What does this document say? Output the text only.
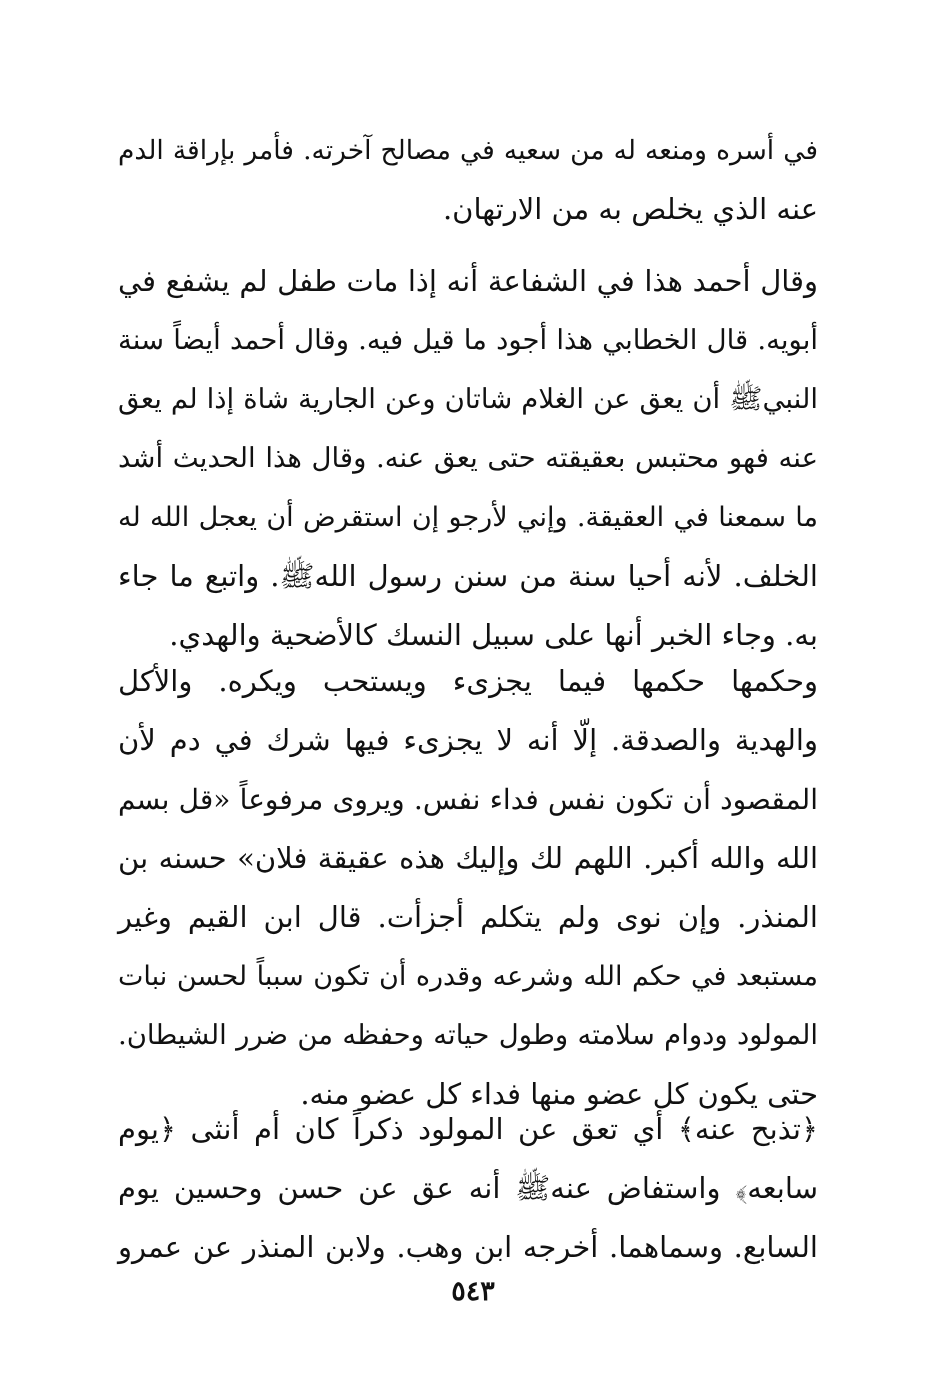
في أسره ومنعه له من سعيه في مصالح آخرته. فأمر بإراقة الدم
عنه الذي يخلص به من الارتهان.
وقال أحمد هذا في الشفاعة أنه إذا مات طفل لم يشفع في
أبويه. قال الخطابي هذا أجود ما قيل فيه. وقال أحمد أيضاً سنة
النبيﷺ أن يعق عن الغلام شاتان وعن الجارية شاة إذا لم يعق
عنه فهو محتبس بعقيقته حتى يعق عنه. وقال هذا الحديث أشد
ما سمعنا في العقيقة. وإني لأرجو إن استقرض أن يعجل الله له
الخلف. لأنه أحيا سنة من سنن رسول اللهﷺ. واتبع ما جاء
به. وجاء الخبر أنها على سبيل النسك كالأضحية والهدي.
وحكمها حكمها فيما يجزىء ويستحب ويكره. والأكل
والهدية والصدقة. إلّا أنه لا يجزىء فيها شرك في دم لأن
المقصود أن تكون نفس فداء نفس. ويروى مرفوعاً «قل بسم
الله والله أكبر. اللهم لك وإليك هذه عقيقة فلان» حسنه بن
المنذر. وإن نوى ولم يتكلم أجزأت. قال ابن القيم وغير
مستبعد في حكم الله وشرعه وقدره أن تكون سبباً لحسن نبات
المولود ودوام سلامته وطول حياته وحفظه من ضرر الشيطان.
حتى يكون كل عضو منها فداء كل عضو منه.
﴿تذبح عنه﴾ أي تعق عن المولود ذكراً كان أم أنثى ﴿يوم
سابعه﴾ واستفاض عنهﷺ أنه عق عن حسن وحسين يوم
السابع. وسماهما. أخرجه ابن وهب. ولابن المنذر عن عمرو
٥٤٣
